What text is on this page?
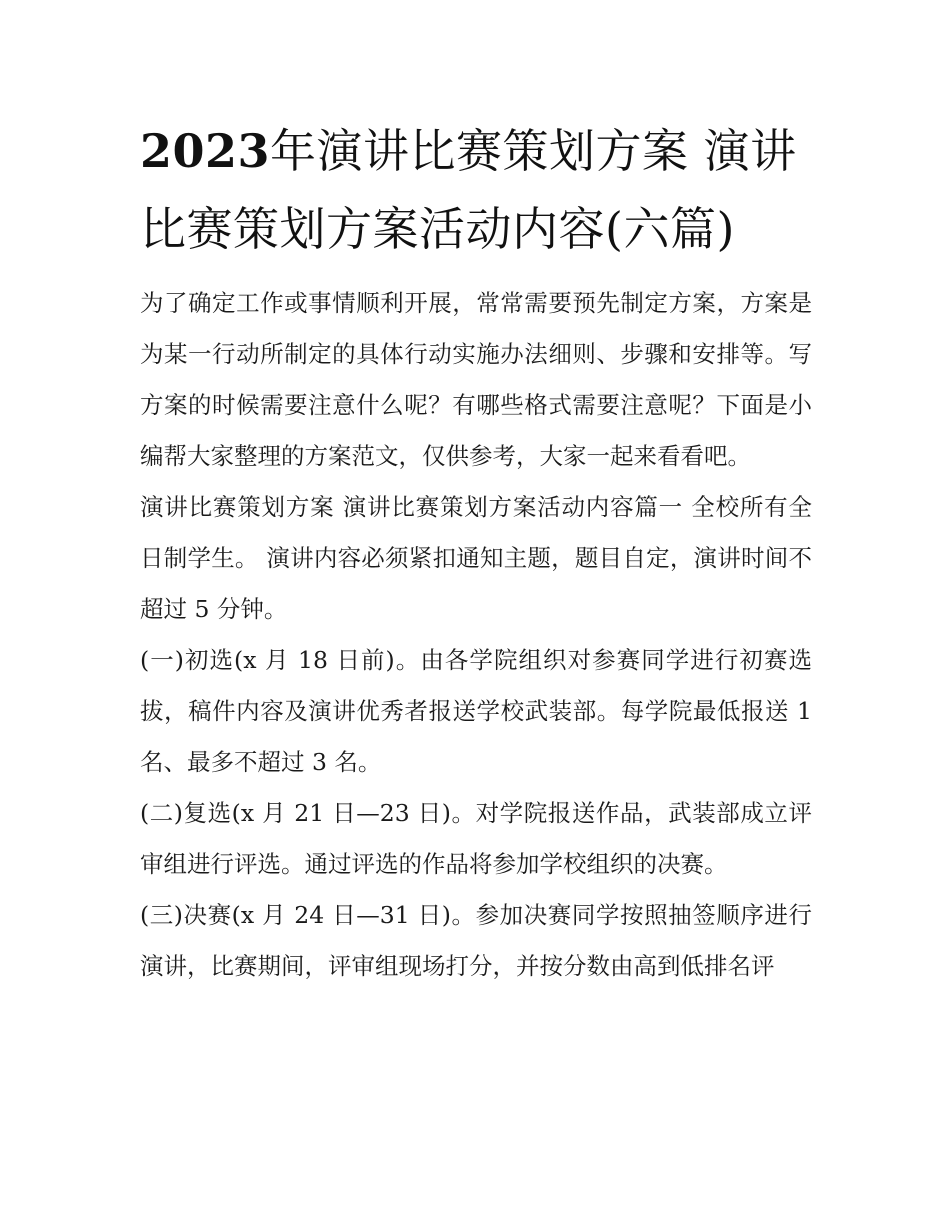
2023年演讲比赛策划方案 演讲比赛策划方案活动内容(六篇)

为了确定工作或事情顺利开展，常常需要预先制定方案，方案是为某一行动所制定的具体行动实施办法细则、步骤和安排等。写方案的时候需要注意什么呢？有哪些格式需要注意呢？下面是小编帮大家整理的方案范文，仅供参考，大家一起来看看吧。

演讲比赛策划方案 演讲比赛策划方案活动内容篇一 全校所有全日制学生。 演讲内容必须紧扣通知主题，题目自定，演讲时间不超过 5 分钟。

(一)初选(x 月 18 日前)。由各学院组织对参赛同学进行初赛选拔，稿件内容及演讲优秀者报送学校武装部。每学院最低报送 1 名、最多不超过 3 名。

(二)复选(x 月 21 日—23 日)。对学院报送作品，武装部成立评审组进行评选。通过评选的作品将参加学校组织的决赛。

(三)决赛(x 月 24 日—31 日)。参加决赛同学按照抽签顺序进行演讲，比赛期间，评审组现场打分，并按分数由高到低排名评
